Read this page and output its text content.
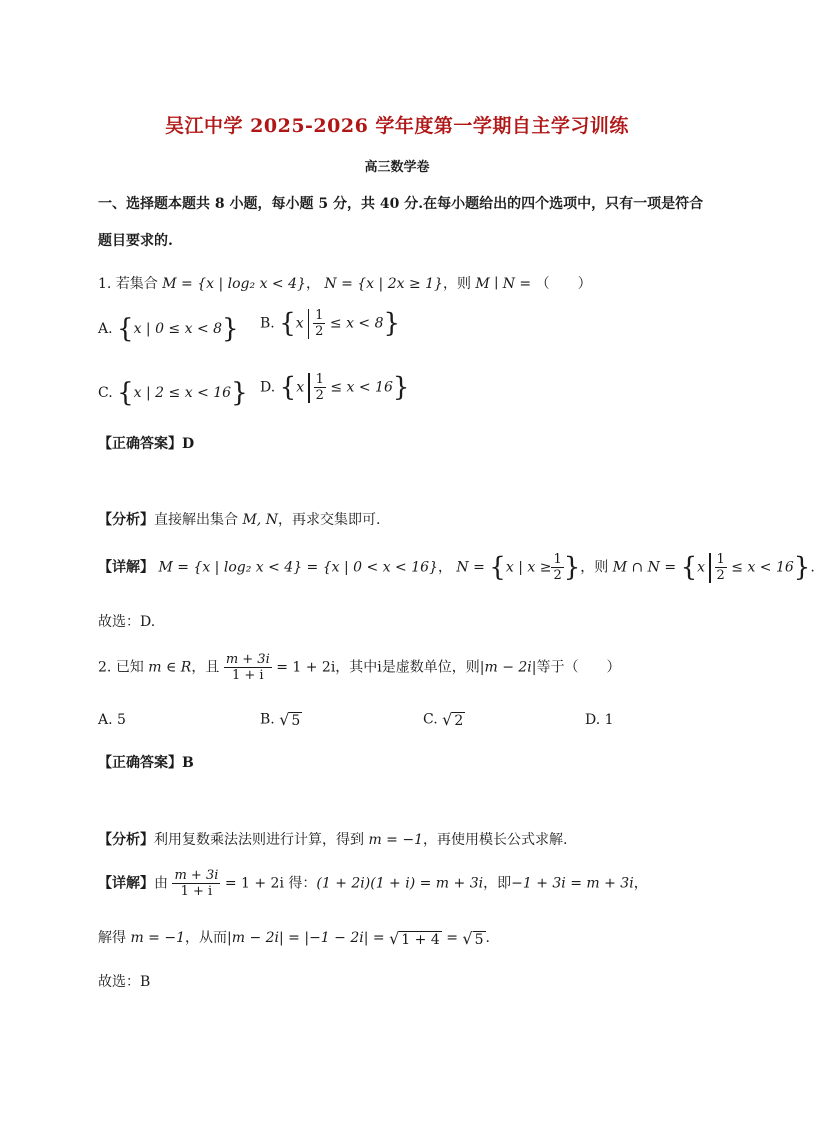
吴江中学 2025-2026 学年度第一学期自主学习训练
高三数学卷
一、选择题本题共 8 小题，每小题 5 分，共 40 分.在每小题给出的四个选项中，只有一项是符合
题目要求的.
1. 若集合 M = {x | log₂ x < 4}， N = {x | 2x ≥ 1}，则 M ∣ N = （　　）
A. {x | 0 ≤ x < 8} B. $\{x \frac{1}{2} \le x < 8\}$
C. {x | 2 ≤ x < 16} D. $\{x \frac{1}{2} \le x < 16\}$
【正确答案】D
【分析】直接解出集合 M, N，再求交集即可.
【详解】 M = {x | log₂ x < 4} = {x | 0 < x < 16}， N = {x | $x \ge \frac{1}{2}$ }，则 M ∩ $N = \{x \frac{1}{2} \le x < 16\}$.
故选：D.
2. 已知 m ∈ R，且 $\frac{m + 3i}{1 + i} = 1 + 2i$，其中i是虚数单位，则|m − 2i|等于（　　）
A. 5	B. √ 5	C. √ 2	D. 1
【正确答案】B
【分析】利用复数乘法法则进行计算，得到 m = −1，再使用模长公式求解.
【详解】由 $\frac{m + 3i}{1 + i} = 1 + 2i$ 得：(1 + 2i)(1 + i) = m + 3i，即−1 + 3i = m + 3i，
解得 m = −1，从而|m − 2i| = |−1 − 2i| = √ 1 + 4 = √ 5 .
故选：B
